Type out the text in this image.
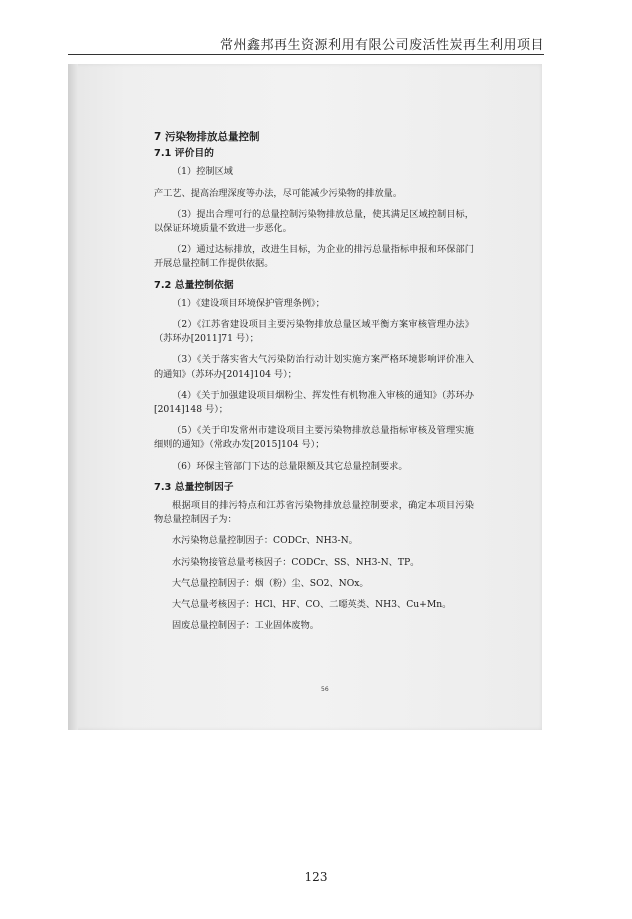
常州鑫邦再生资源利用有限公司废活性炭再生利用项目
7 污染物排放总量控制
7.1 评价目的
（1）控制区域
产工艺、提高治理深度等办法，尽可能减少污染物的排放量。
（3）提出合理可行的总量控制污染物排放总量，使其满足区域控制目标，以保证环境质量不致进一步恶化。
（2）通过达标排放，改进生目标，为企业的排污总量指标申报和环保部门开展总量控制工作提供依据。
7.2 总量控制依据
（1）《建设项目环境保护管理条例》；
（2）《江苏省建设项目主要污染物排放总量区域平衡方案审核管理办法》（苏环办[2011]71 号）；
（3）《关于落实省大气污染防治行动计划实施方案严格环境影响评价准入的通知》（苏环办[2014]104 号）；
（4）《关于加强建设项目烟粉尘、挥发性有机物准入审核的通知》（苏环办[2014]148 号）；
（5）《关于印发常州市建设项目主要污染物排放总量指标审核及管理实施细则的通知》（常政办发[2015]104 号）；
（6）环保主管部门下达的总量限额及其它总量控制要求。
7.3 总量控制因子
根据项目的排污特点和江苏省污染物排放总量控制要求，确定本项目污染物总量控制因子为：
水污染物总量控制因子：CODCr、NH3-N。
水污染物接管总量考核因子：CODCr、SS、NH3-N、TP。
大气总量控制因子：烟（粉）尘、SO2、NOx。
大气总量考核因子：HCl、HF、CO、二噁英类、NH3、Cu+Mn。
固废总量控制因子：工业固体废物。
56
123
